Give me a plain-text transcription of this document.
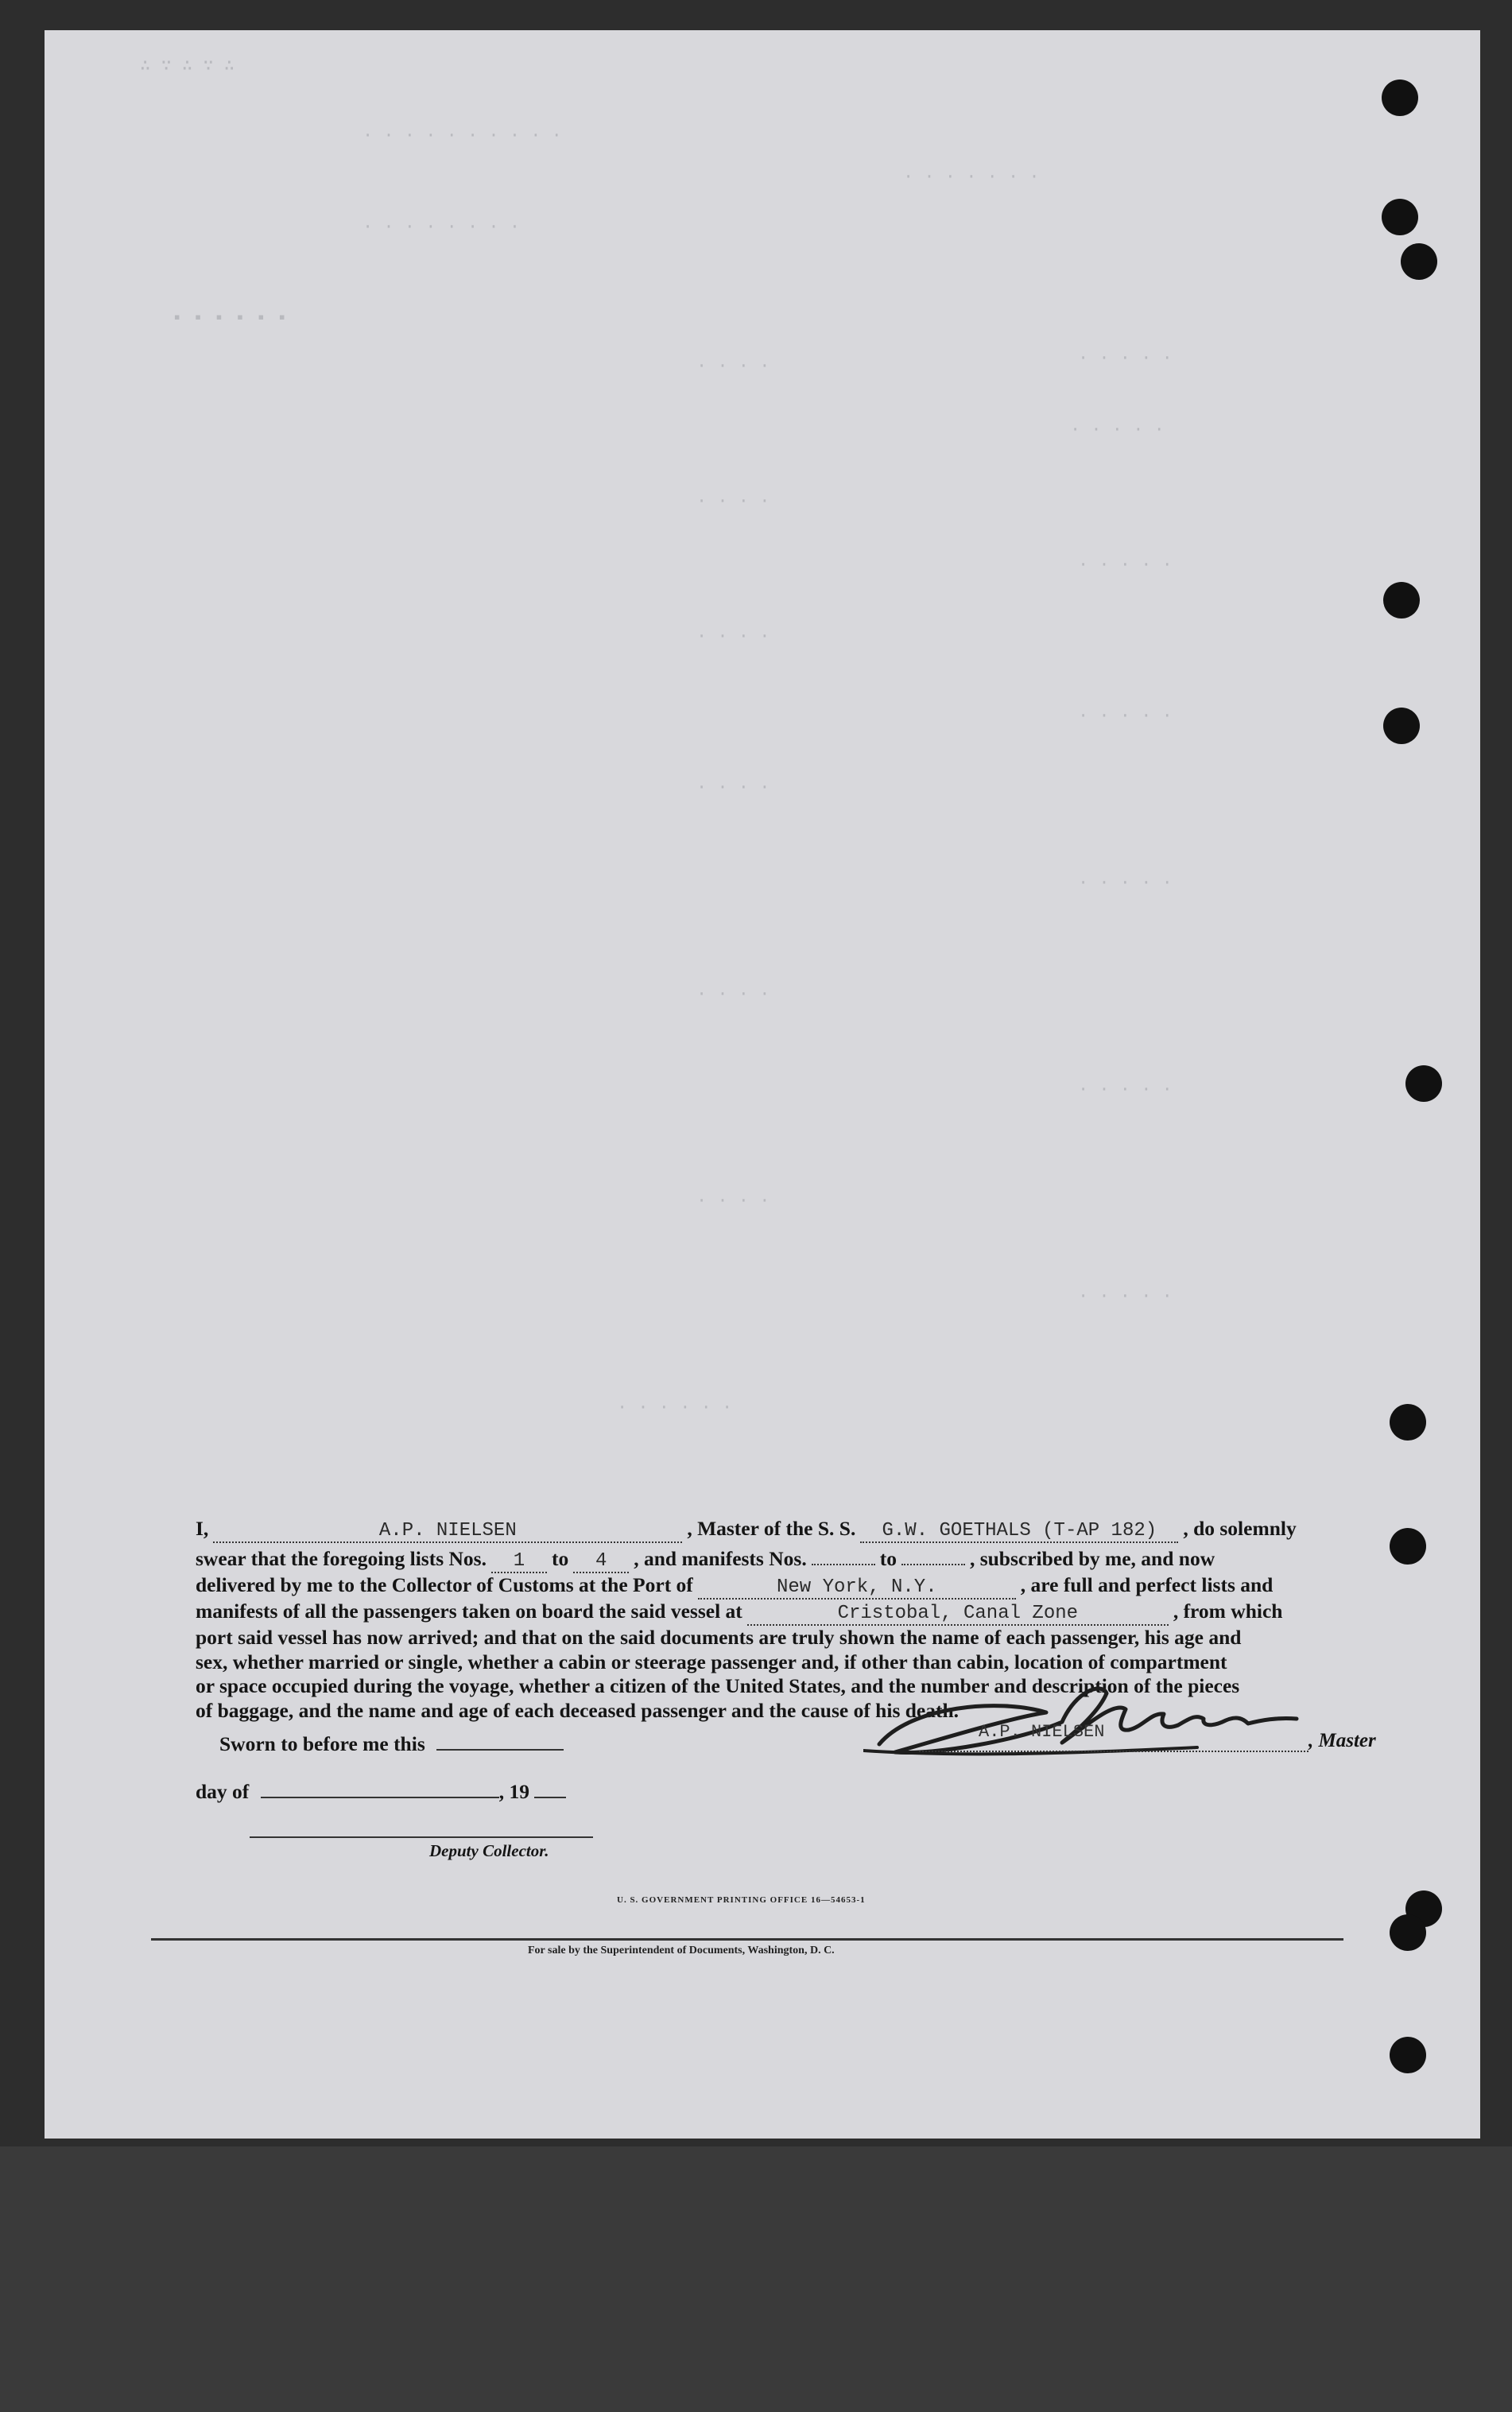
∴ ∵ ∴ ∵ ∴
· · · · · · · · · ·
· · · · · · ·
· · · · · · · ·
▪ ▪ ▪ ▪ ▪ ▪
· · · · ·
· · · ·
· · · · ·
· · · ·
· · · · ·
· · · ·
· · · · ·
· · · ·
· · · · ·
· · · ·
· · · · ·
· · · ·
· · · · ·
· · · · · ·
I,	A.P. NIELSEN	, Master of the S. S.	G.W. GOETHALS (T-AP 182)	, do solemnly
swear that the foregoing lists Nos.	1	to	4	, and manifests Nos.	to	, subscribed by me, and now
delivered by me to the Collector of Customs at the Port of	New York, N.Y.	, are full and perfect lists and
manifests of all the passengers taken on board the said vessel at	Cristobal, Canal Zone	, from which
port said vessel has now arrived; and that on the said documents are truly shown the name of each passenger, his age and
sex, whether married or single, whether a cabin or steerage passenger and, if other than cabin, location of compartment
or space occupied during the voyage, whether a citizen of the United States, and the number and description of the pieces
of baggage, and the name and age of each deceased passenger and the cause of his death.
A.P. NIELSEN	, Master
Sworn to before me this
day of	, 19
Deputy Collector.
U. S. GOVERNMENT PRINTING OFFICE 16—54653-1
For sale by the Superintendent of Documents, Washington, D. C.
